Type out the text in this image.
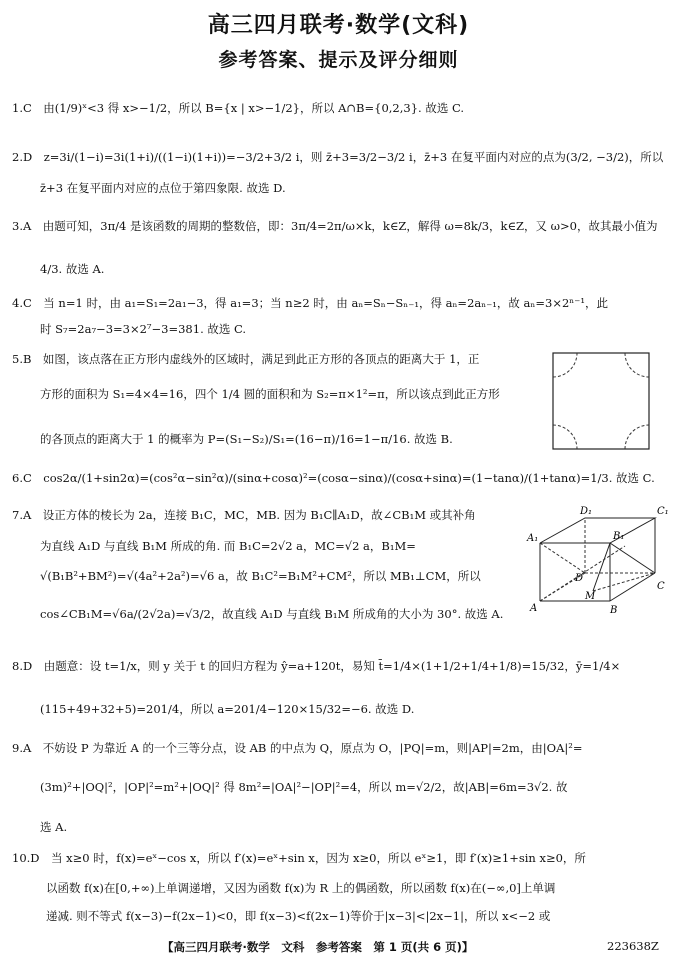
高三四月联考·数学(文科)
参考答案、提示及评分细则
1.C　由(1/9)ˣ<3 得 x>−1/2，所以 B={x | x>−1/2}，所以 A∩B={0,2,3}. 故选 C.
2.D　z=3i/(1−i)=3i(1+i)/((1−i)(1+i))=−3/2+3/2 i，则 z̄+3=3/2−3/2 i，z̄+3 在复平面内对应的点为(3/2, −3/2)，所以
z̄+3 在复平面内对应的点位于第四象限. 故选 D.
3.A　由题可知，3π/4 是该函数的周期的整数倍，即：3π/4=2π/ω×k，k∈Z，解得 ω=8k/3，k∈Z，又 ω>0，故其最小值为
4/3. 故选 A.
4.C　当 n=1 时，由 a₁=S₁=2a₁−3，得 a₁=3；当 n≥2 时，由 aₙ=Sₙ−Sₙ₋₁，得 aₙ=2aₙ₋₁，故 aₙ=3×2ⁿ⁻¹，此
时 S₇=2a₇−3=3×2⁷−3=381. 故选 C.
5.B　如图，该点落在正方形内虚线外的区域时，满足到此正方形的各顶点的距离大于 1，正
方形的面积为 S₁=4×4=16，四个 1/4 圆的面积和为 S₂=π×1²=π，所以该点到此正方形
的各顶点的距离大于 1 的概率为 P=(S₁−S₂)/S₁=(16−π)/16=1−π/16. 故选 B.
6.C　cos2α/(1+sin2α)=(cos²α−sin²α)/(sinα+cosα)²=(cosα−sinα)/(cosα+sinα)=(1−tanα)/(1+tanα)=1/3. 故选 C.
7.A　设正方体的棱长为 2a，连接 B₁C，MC，MB. 因为 B₁C∥A₁D，故∠CB₁M 或其补角
为直线 A₁D 与直线 B₁M 所成的角. 而 B₁C=2√2 a，MC=√2 a，B₁M=
√(B₁B²+BM²)=√(4a²+2a²)=√6 a，故 B₁C²=B₁M²+CM²，所以 MB₁⊥CM，所以
cos∠CB₁M=√6a/(2√2a)=√3/2，故直线 A₁D 与直线 B₁M 所成角的大小为 30°. 故选 A.
D₁	C₁
A₁	B₁
D
C
A
M
B
8.D　由题意：设 t=1/x，则 y 关于 t 的回归方程为 ŷ=a+120t，易知 t̄=1/4×(1+1/2+1/4+1/8)=15/32，ȳ=1/4×
(115+49+32+5)=201/4，所以 a=201/4−120×15/32=−6. 故选 D.
9.A　不妨设 P 为靠近 A 的一个三等分点，设 AB 的中点为 Q，原点为 O，|PQ|=m，则|AP|=2m，由|OA|²=
(3m)²+|OQ|²，|OP|²=m²+|OQ|² 得 8m²=|OA|²−|OP|²=4，所以 m=√2/2，故|AB|=6m=3√2. 故
选 A.
10.D　当 x≥0 时，f(x)=eˣ−cos x，所以 f′(x)=eˣ+sin x，因为 x≥0，所以 eˣ≥1，即 f′(x)≥1+sin x≥0，所
以函数 f(x)在[0,+∞)上单调递增，又因为函数 f(x)为 R 上的偶函数，所以函数 f(x)在(−∞,0]上单调
递减. 则不等式 f(x−3)−f(2x−1)<0，即 f(x−3)<f(2x−1)等价于|x−3|<|2x−1|，所以 x<−2 或
【高三四月联考·数学　文科　参考答案　第 1 页(共 6 页)】	223638Z
